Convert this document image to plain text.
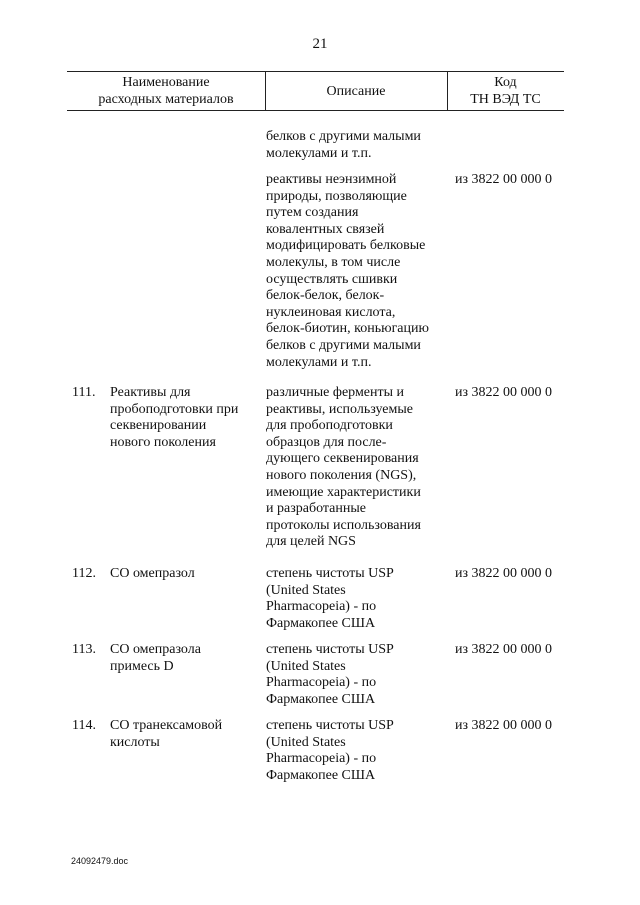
21
Наименование
расходных материалов
Описание
Код
ТН ВЭД ТС
белков с другими малыми
молекулами и т.п.
реактивы неэнзимной
природы, позволяющие
путем создания
ковалентных связей
модифицировать белковые
молекулы, в том числе
осуществлять сшивки
белок-белок, белок-
нуклеиновая кислота,
белок-биотин, коньюгацию
белков с другими малыми
молекулами и т.п.
из 3822 00 000 0
111. Реактивы для
пробоподготовки при
секвенировании
нового поколения
различные ферменты и
реактивы, используемые
для пробоподготовки
образцов для после-
дующего секвенирования
нового поколения (NGS),
имеющие характеристики
и разработанные
протоколы использования
для целей NGS
из 3822 00 000 0
112. СО омепразол	степень чистоты USP
(United States
Pharmacopeia) - по
Фармакопее США
из 3822 00 000 0
113. СО омепразола
примесь D
степень чистоты USP
(United States
Pharmacopeia) - по
Фармакопее США
из 3822 00 000 0
114. СО транексамовой
кислоты
степень чистоты USP
(United States
Pharmacopeia) - по
Фармакопее США
из 3822 00 000 0
24092479.doc
